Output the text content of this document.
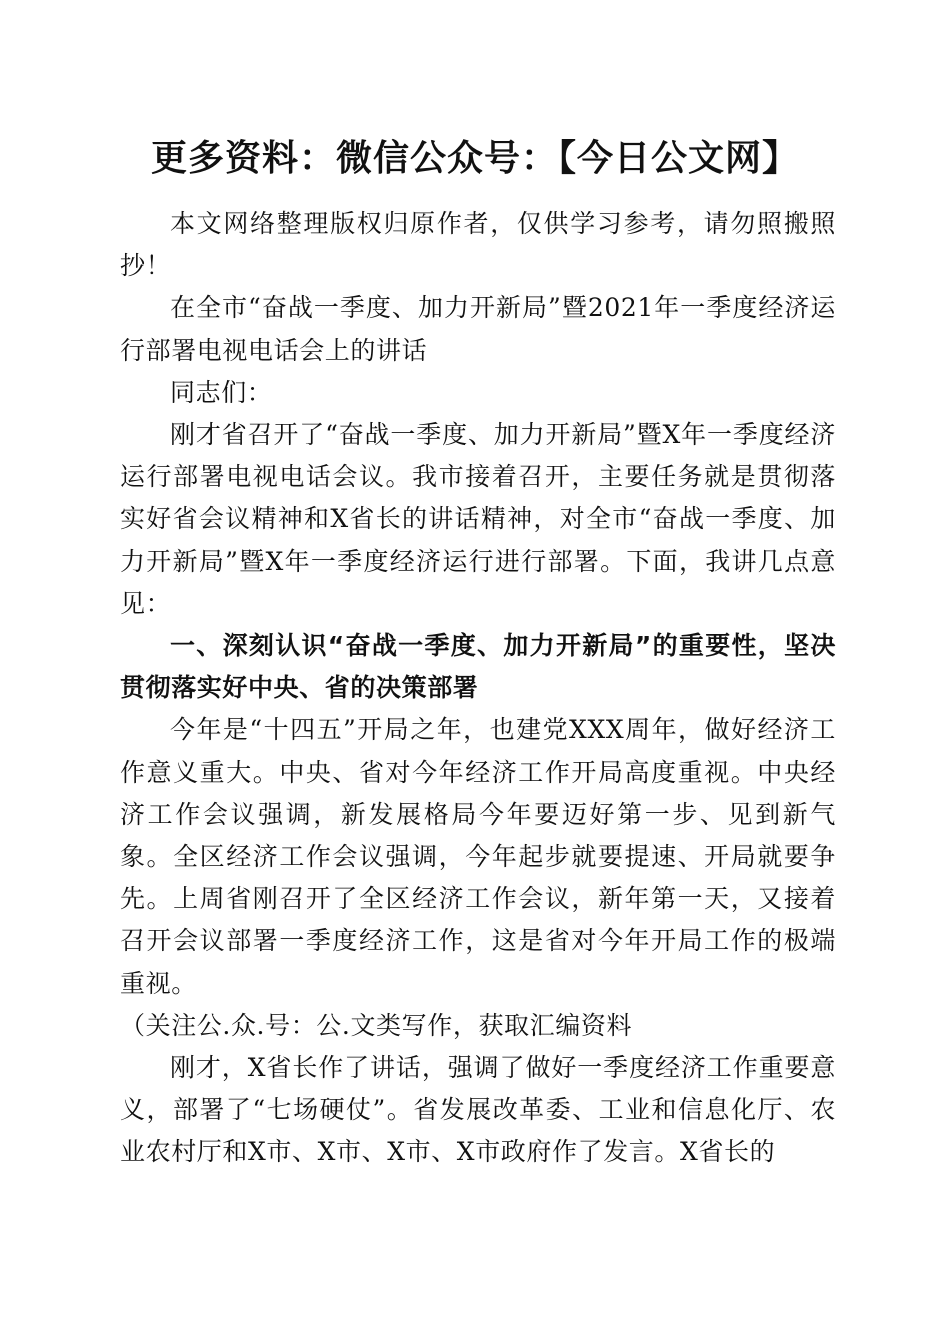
更多资料：微信公众号：【今日公文网】

本文网络整理版权归原作者，仅供学习参考，请勿照搬照抄！

在全市“奋战一季度、加力开新局”暨2021年一季度经济运行部署电视电话会上的讲话

同志们：

刚才省召开了“奋战一季度、加力开新局”暨X年一季度经济运行部署电视电话会议。我市接着召开，主要任务就是贯彻落实好省会议精神和X省长的讲话精神，对全市“奋战一季度、加力开新局”暨X年一季度经济运行进行部署。下面，我讲几点意见：

一、深刻认识“奋战一季度、加力开新局”的重要性，坚决贯彻落实好中央、省的决策部署

今年是“十四五”开局之年，也建党XXX周年，做好经济工作意义重大。中央、省对今年经济工作开局高度重视。中央经济工作会议强调，新发展格局今年要迈好第一步、见到新气象。全区经济工作会议强调，今年起步就要提速、开局就要争先。上周省刚召开了全区经济工作会议，新年第一天，又接着召开会议部署一季度经济工作，这是省对今年开局工作的极端重视。

（关注公.众.号：公.文类写作，获取汇编资料

刚才，X省长作了讲话，强调了做好一季度经济工作重要意义，部署了“七场硬仗”。省发展改革委、工业和信息化厅、农业农村厅和X市、X市、X市、X市政府作了发言。X省长的
